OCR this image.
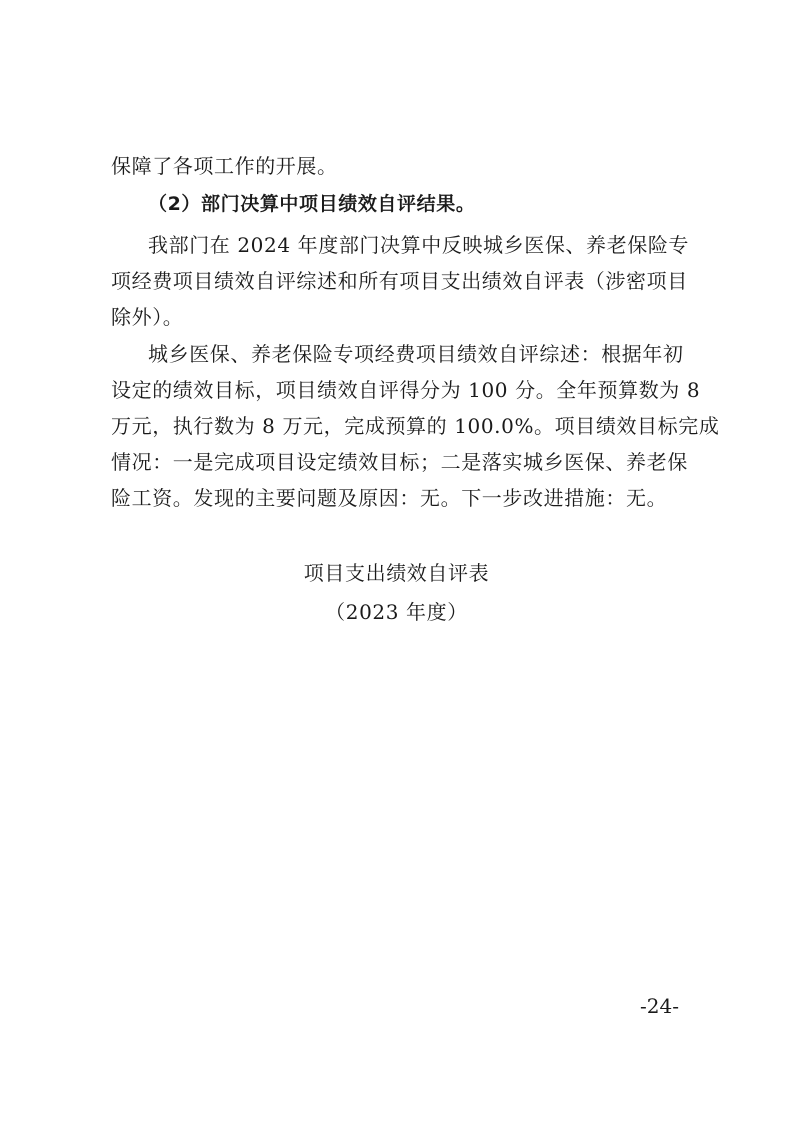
保障了各项工作的开展。
（2）部门决算中项目绩效自评结果。
我部门在 2024 年度部门决算中反映城乡医保、养老保险专
项经费项目绩效自评综述和所有项目支出绩效自评表（涉密项目
除外）。
城乡医保、养老保险专项经费项目绩效自评综述：根据年初
设定的绩效目标，项目绩效自评得分为 100 分。全年预算数为 8
万元，执行数为 8 万元，完成预算的 100.0%。项目绩效目标完成
情况：一是完成项目设定绩效目标；二是落实城乡医保、养老保
险工资。发现的主要问题及原因：无。下一步改进措施：无。
项目支出绩效自评表
（2023 年度）
-24-
